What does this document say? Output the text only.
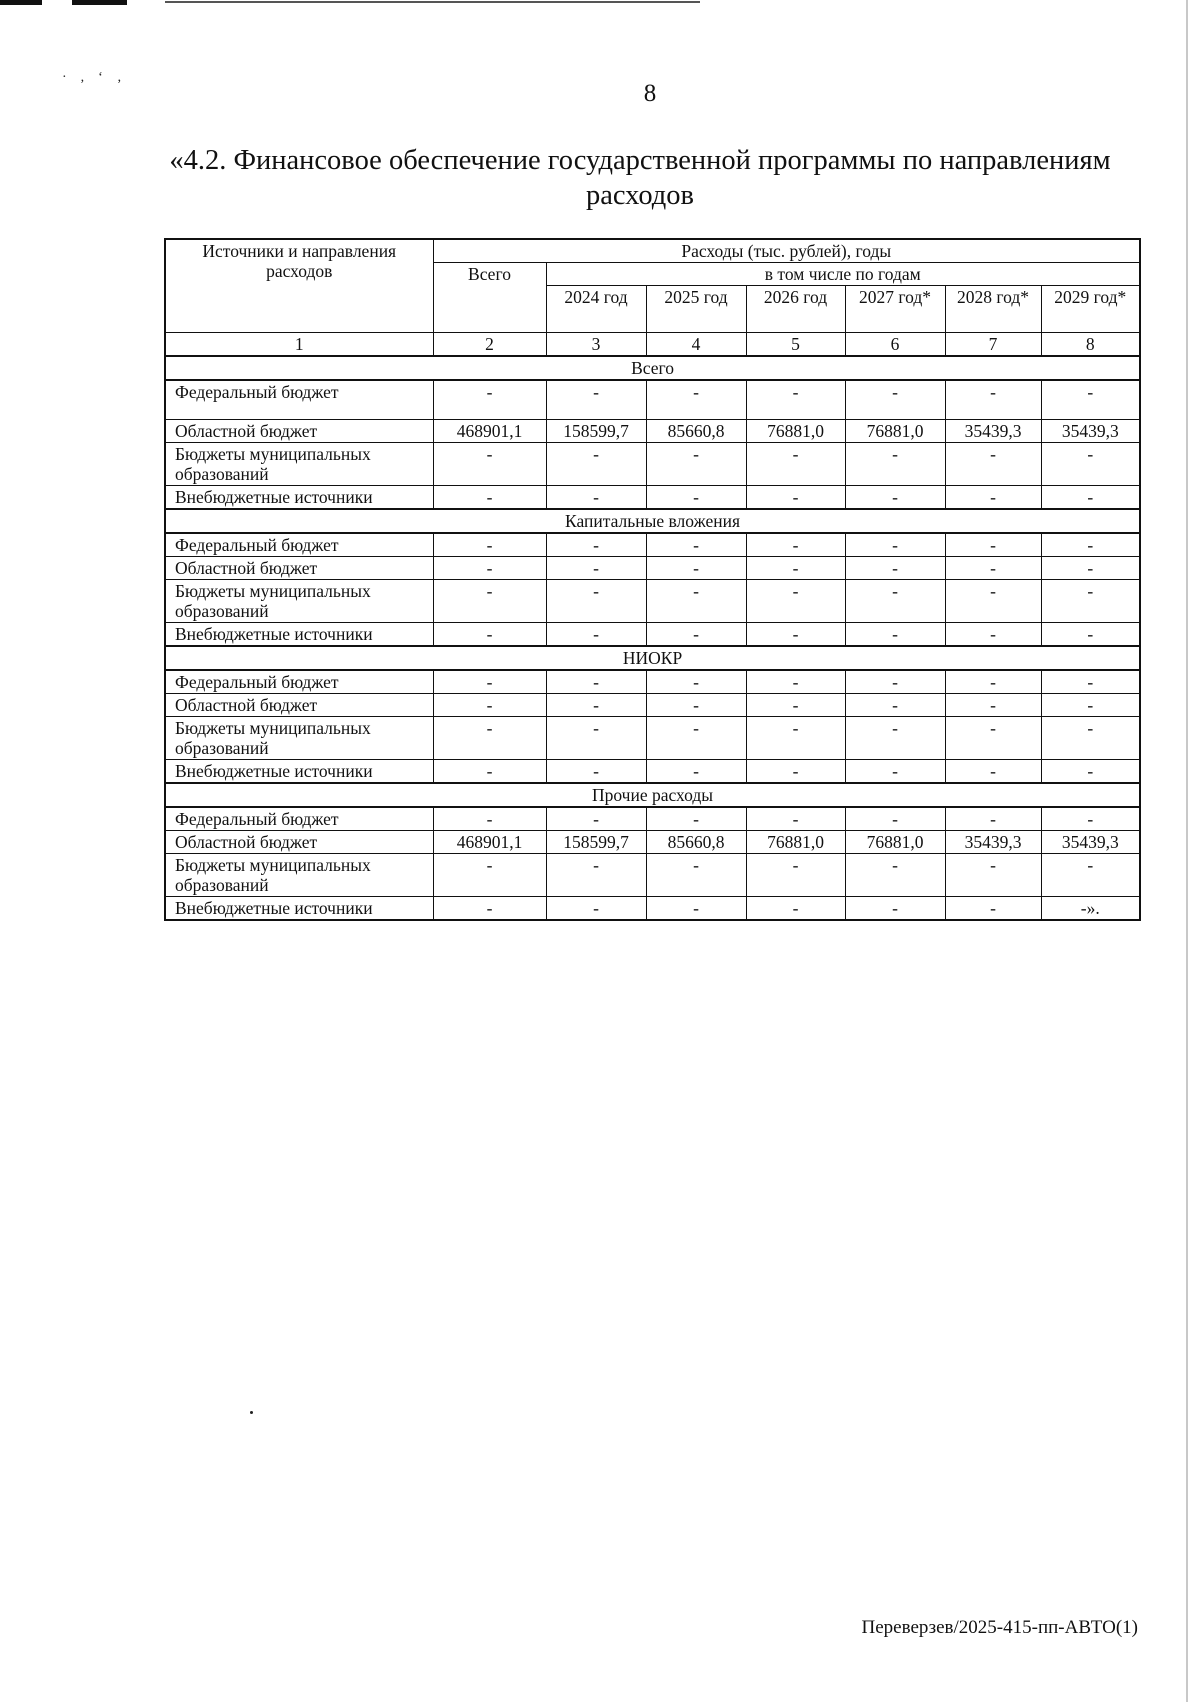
·,‘‚
8
«4.2. Финансовое обеспечение государственной программы по направлениям расходов
Источники и направления расходов	Расходы (тыс. рублей), годы						
	Всего	в том числе по годам					
		2024 год	2025 год	2026 год	2027 год*	2028 год*	2029 год*
1	2	3	4	5	6	7	8
Всего							
Федеральный бюджет	-	-	-	-	-	-	-
Областной бюджет	468901,1	158599,7	85660,8	76881,0	76881,0	35439,3	35439,3
Бюджеты муниципальных образований	-	-	-	-	-	-	-
Внебюджетные источники	-	-	-	-	-	-	-
Капитальные вложения							
Федеральный бюджет	-	-	-	-	-	-	-
Областной бюджет	-	-	-	-	-	-	-
Бюджеты муниципальных образований	-	-	-	-	-	-	-
Внебюджетные источники	-	-	-	-	-	-	-
НИОКР							
Федеральный бюджет	-	-	-	-	-	-	-
Областной бюджет	-	-	-	-	-	-	-
Бюджеты муниципальных образований	-	-	-	-	-	-	-
Внебюджетные источники	-	-	-	-	-	-	-
Прочие расходы							
Федеральный бюджет	-	-	-	-	-	-	-
Областной бюджет	468901,1	158599,7	85660,8	76881,0	76881,0	35439,3	35439,3
Бюджеты муниципальных образований	-	-	-	-	-	-	-
Внебюджетные источники	-	-	-	-	-	-	-».
Переверзев/2025-415-пп-АВТО(1)
